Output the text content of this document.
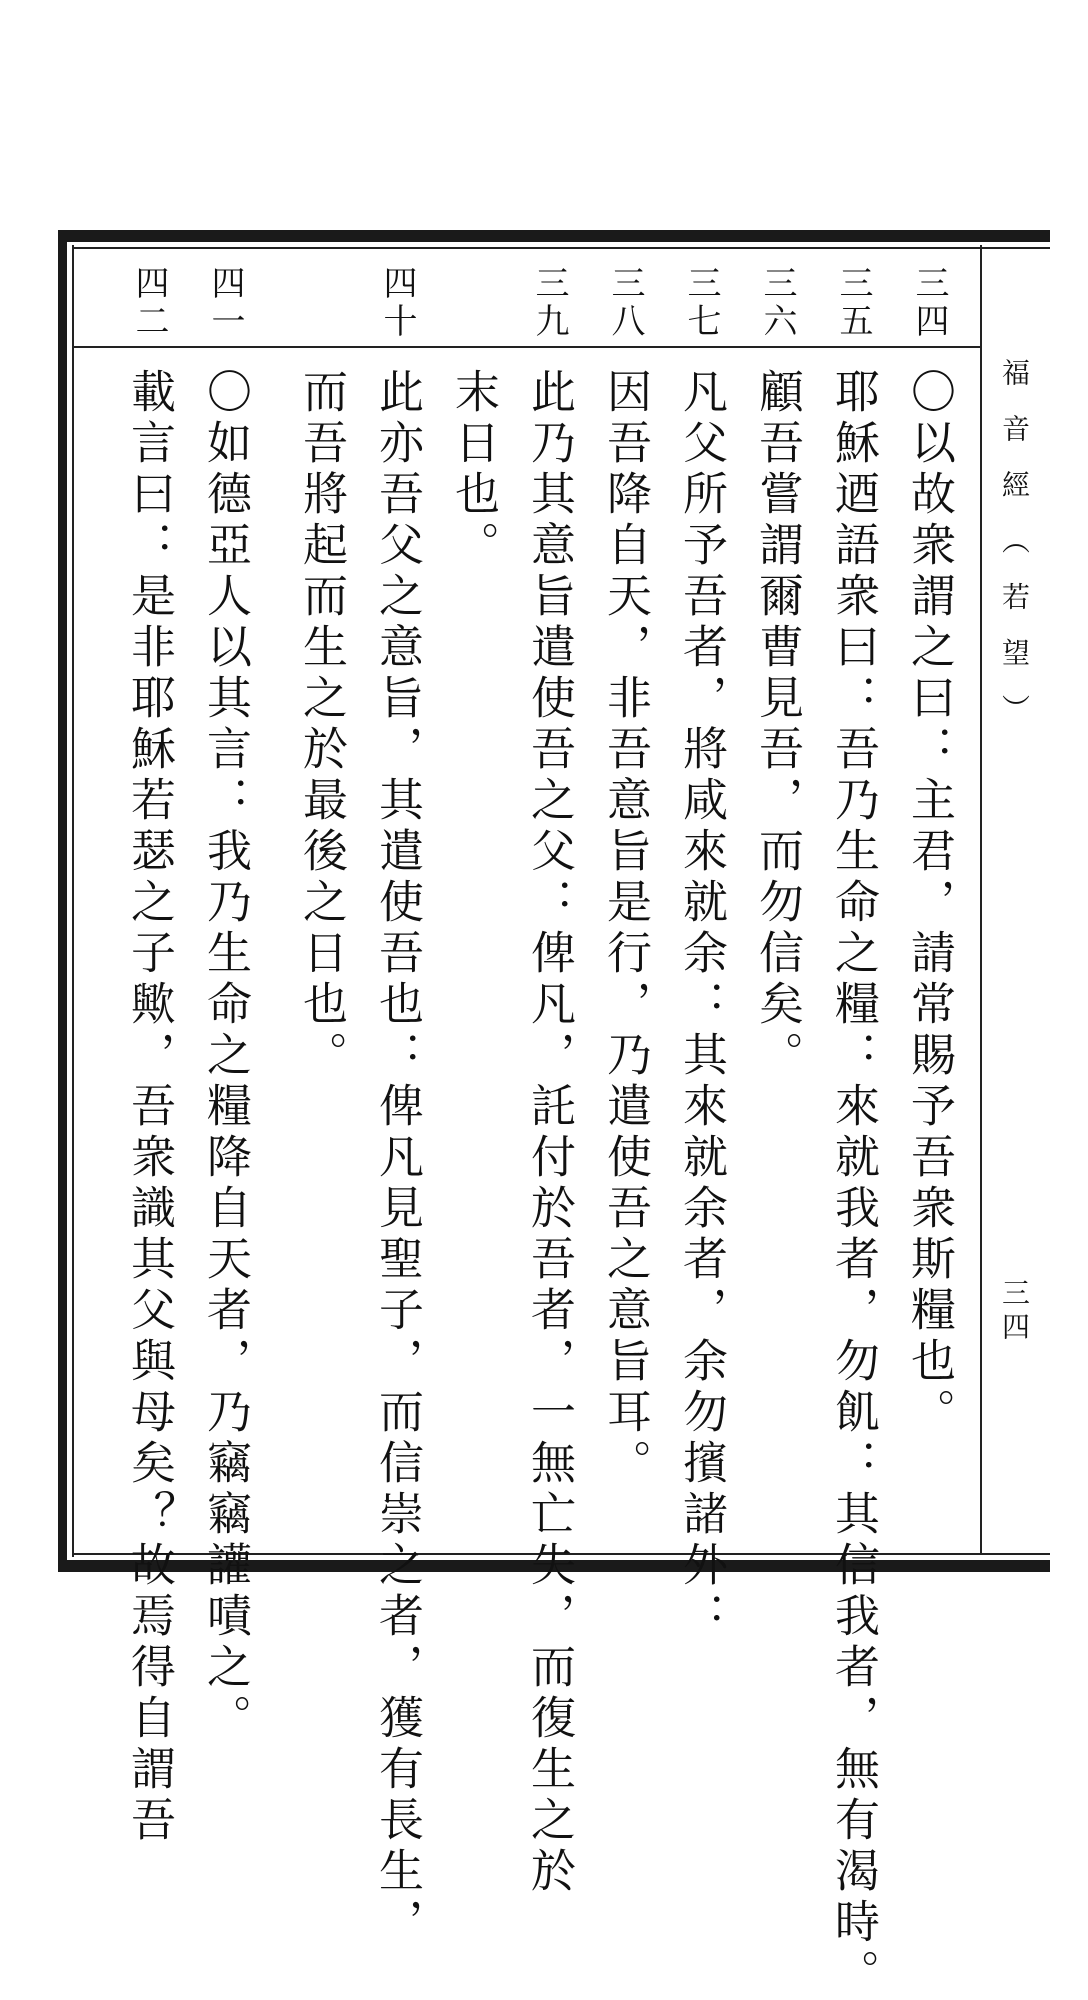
福音經（若望）
三四
三四
〇以故衆謂之曰：主君，請常賜予吾衆斯糧也。
三五
耶穌迺語衆曰：吾乃生命之糧：來就我者，勿飢：其信我者，無有渴時。
三六
顧吾嘗謂爾曹見吾，而勿信矣。
三七
凡父所予吾者，將咸來就余：其來就余者，余勿擯諸外：
三八
因吾降自天，非吾意旨是行，乃遣使吾之意旨耳。
三九
此乃其意旨遣使吾之父：俾凡，託付於吾者，一無亡失，而復生之於
末日也。
四十
此亦吾父之意旨，其遣使吾也：俾凡見聖子，而信崇之者，獲有長生，
而吾將起而生之於最後之日也。
四一
〇如德亞人以其言：我乃生命之糧降自天者，乃竊竊讙嘖之。
四二
載言曰：是非耶穌若瑟之子歟，吾衆識其父與母矣？故焉得自謂吾
